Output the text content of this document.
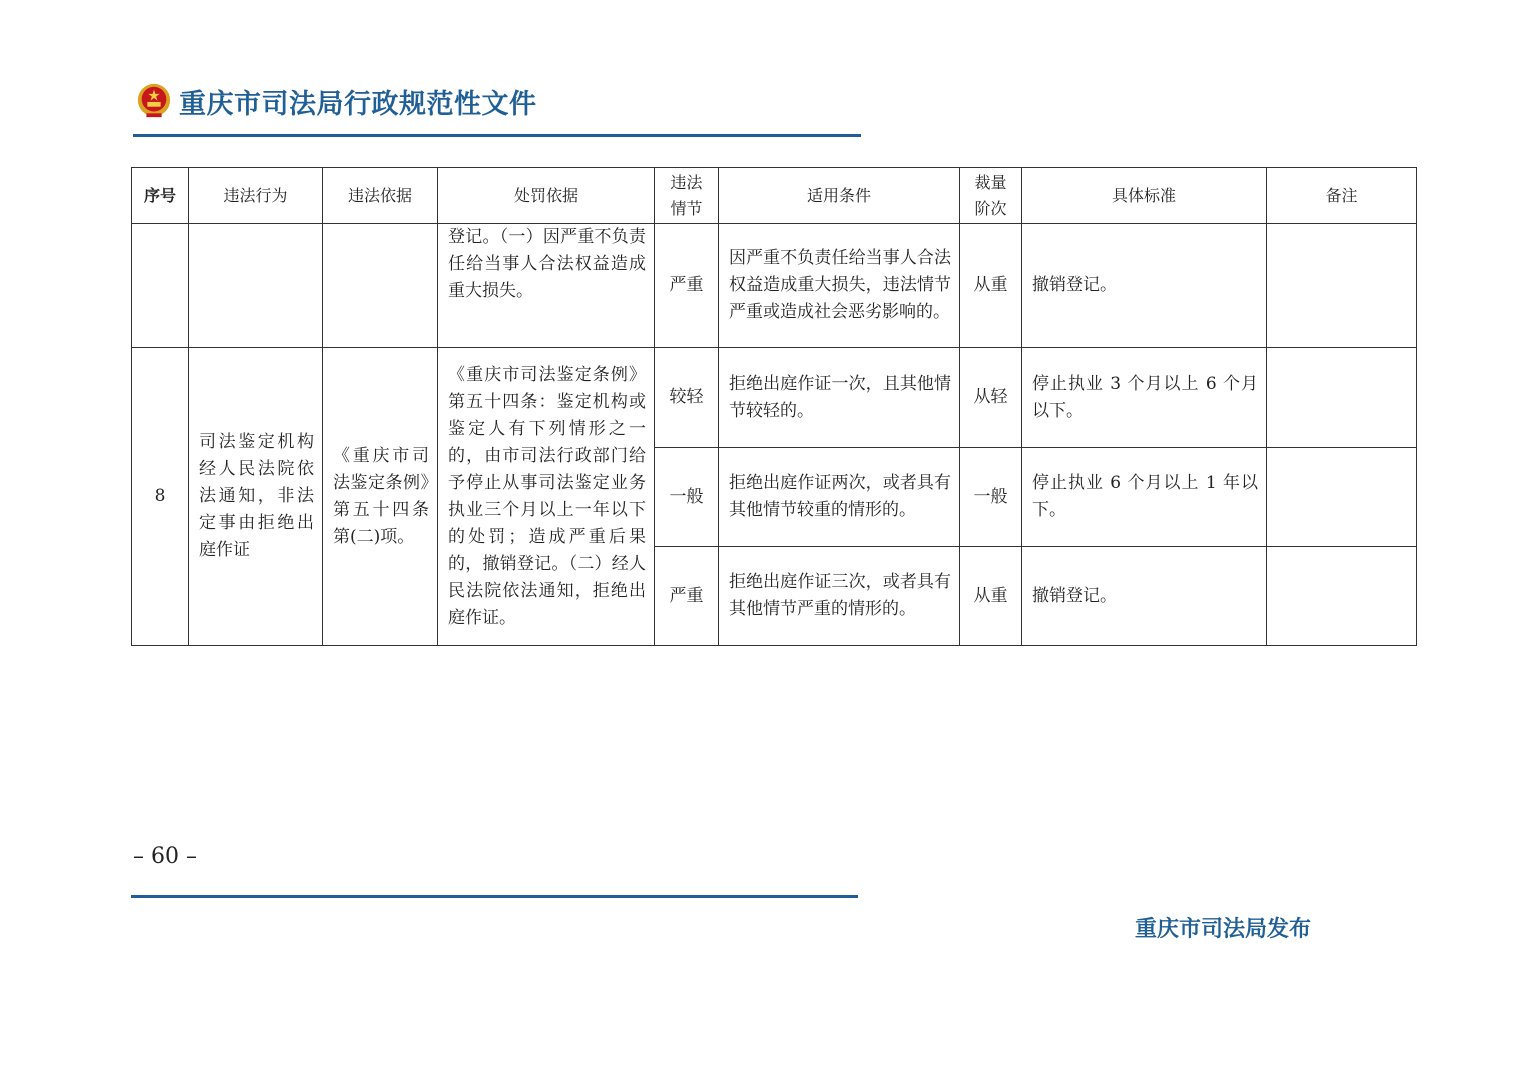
重庆市司法局行政规范性文件
序号	违法行为	违法依据	处罚依据	违法情节	适用条件	裁量阶次	具体标准	备注
			登记。（一）因严重不负责任给当事人合法权益造成重大损失。	严重	因严重不负责任给当事人合法权益造成重大损失，违法情节严重或造成社会恶劣影响的。	从重	撤销登记。	
8	司法鉴定机构经人民法院依法通知，非法定事由拒绝出庭作证	《重庆市司法鉴定条例》第五十四条第(二)项。	《重庆市司法鉴定条例》第五十四条：鉴定机构或鉴定人有下列情形之一的，由市司法行政部门给予停止从事司法鉴定业务执业三个月以上一年以下的处罚；造成严重后果的，撤销登记。（二）经人民法院依法通知，拒绝出庭作证。	较轻	拒绝出庭作证一次，且其他情节较轻的。	从轻	停止执业 3 个月以上 6 个月以下。	
				一般	拒绝出庭作证两次，或者具有其他情节较重的情形的。	一般	停止执业 6 个月以上 1 年以下。	
				严重	拒绝出庭作证三次，或者具有其他情节严重的情形的。	从重	撤销登记。	
– 60 –
重庆市司法局发布
